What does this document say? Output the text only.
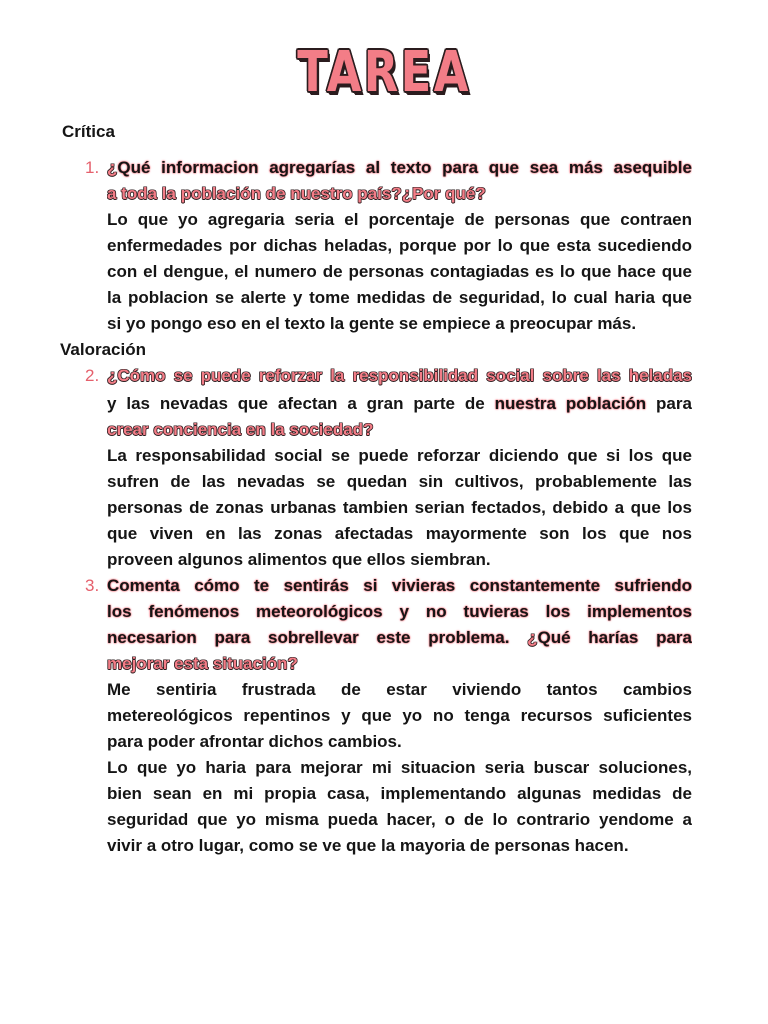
TAREA
Crítica
1. ¿Qué informacion agregarías al texto para que sea más asequible
a toda la población de nuestro país?¿Por qué?
Lo que yo agregaria seria el porcentaje de personas que contraen
enfermedades por dichas heladas, porque por lo que esta sucediendo
con el dengue, el numero de personas contagiadas es lo que hace que
la poblacion se alerte y tome medidas de seguridad, lo cual haria que
si yo pongo eso en el texto la gente se empiece a preocupar más.
Valoración
2. ¿Cómo se puede reforzar la responsibilidad social sobre las heladas
y las nevadas que afectan a gran parte de nuestra población para
crear conciencia en la sociedad?
La responsabilidad social se puede reforzar diciendo que si los que
sufren de las nevadas se quedan sin cultivos, probablemente las
personas de zonas urbanas tambien serian fectados, debido a que los
que viven en las zonas afectadas mayormente son los que nos
proveen algunos alimentos que ellos siembran.
3. Comenta cómo te sentirás si vivieras constantemente sufriendo
los fenómenos meteorológicos y no tuvieras los implementos
necesarion para sobrellevar este problema. ¿Qué harías para
mejorar esta situación?
Me sentiria frustrada de estar viviendo tantos cambios
metereológicos repentinos y que yo no tenga recursos suficientes
para poder afrontar dichos cambios.
Lo que yo haria para mejorar mi situacion seria buscar soluciones,
bien sean en mi propia casa, implementando algunas medidas de
seguridad que yo misma pueda hacer, o de lo contrario yendome a
vivir a otro lugar, como se ve que la mayoria de personas hacen.
